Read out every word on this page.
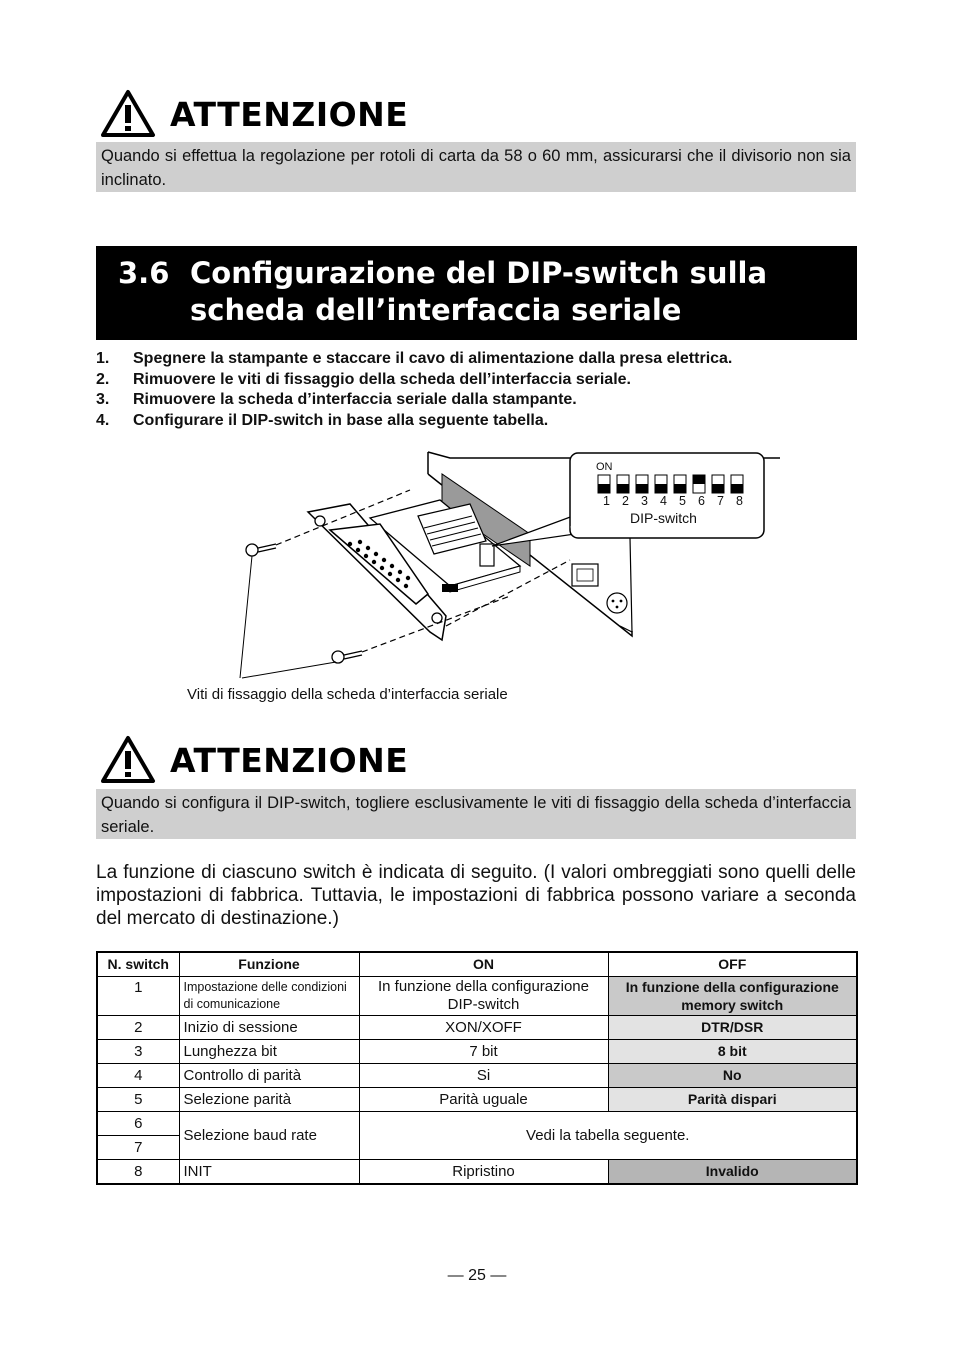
ATTENZIONE
Quando si effettua la regolazione per rotoli di carta da 58 o 60 mm, assicurarsi che il divisorio non sia inclinato.
3.6 Configurazione del DIP-switch sulla scheda dell’interfaccia seriale
1.	Spegnere la stampante e staccare il cavo di alimentazione dalla presa elettrica.
2.	Rimuovere le viti di fissaggio della scheda dell’interfaccia seriale.
3.	Rimuovere la scheda d’interfaccia seriale dalla stampante.
4.	Configurare il DIP-switch in base alla seguente tabella.
ON
1 2 3 4 5 6 7 8
DIP-switch
Viti di fissaggio della scheda d’interfaccia seriale
ATTENZIONE
Quando si configura il DIP-switch, togliere esclusivamente le viti di fissaggio della scheda d’interfaccia seriale.
La funzione di ciascuno switch è indicata di seguito. (I valori ombreggiati sono quelli delle impostazioni di fabbrica. Tuttavia, le impostazioni di fabbrica possono variare a seconda del mercato di destinazione.)
N. switch	Funzione	ON	OFF
1	Impostazione delle condizioni di comunicazione	In funzione della configurazione DIP-switch	In funzione della configurazione memory switch
2	Inizio di sessione	XON/XOFF	DTR/DSR
3	Lunghezza bit	7 bit	8 bit
4	Controllo di parità	Si	No
5	Selezione parità	Parità uguale	Parità dispari
6	Selezione baud rate	Vedi la tabella seguente.	
7			
8	INIT	Ripristino	Invalido
— 25 —
